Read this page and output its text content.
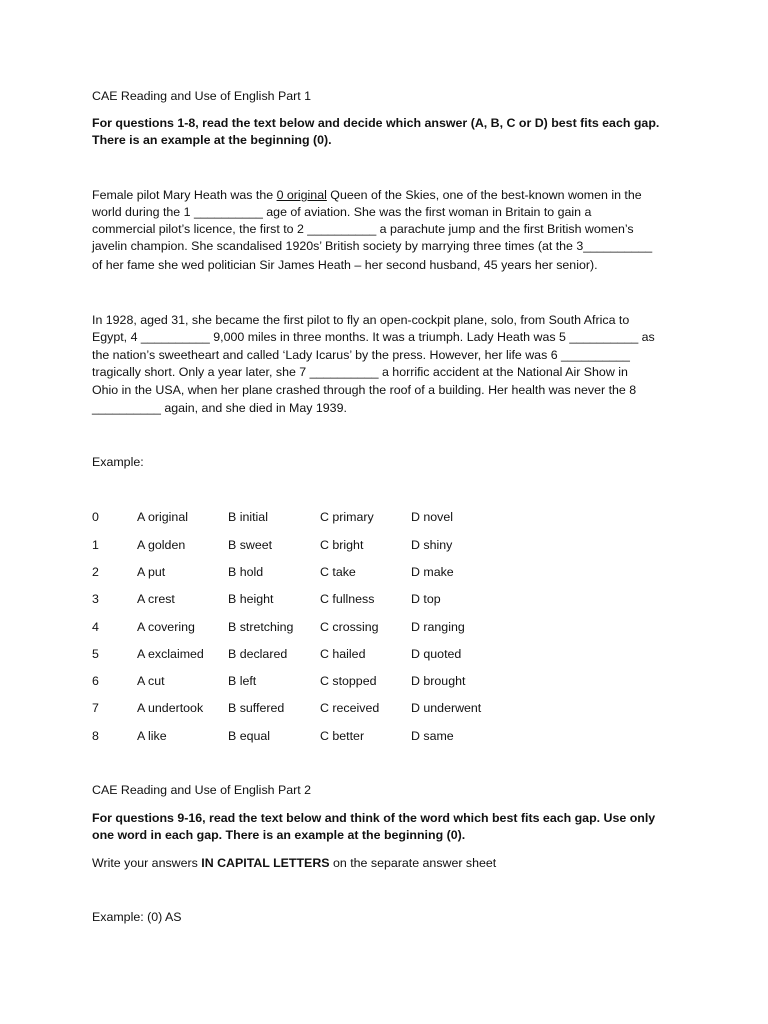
CAE Reading and Use of English Part 1
For questions 1-8, read the text below and decide which answer (A, B, C or D) best fits each gap.
There is an example at the beginning (0).
Female pilot Mary Heath was the 0 original Queen of the Skies, one of the best-known women in the
world during the 1 __________ age of aviation. She was the first woman in Britain to gain a
commercial pilot’s licence, the first to 2 __________ a parachute jump and the first British women’s
javelin champion. She scandalised 1920s’ British society by marrying three times (at the 3__________
of her fame she wed politician Sir James Heath – her second husband, 45 years her senior).
In 1928, aged 31, she became the first pilot to fly an open-cockpit plane, solo, from South Africa to
Egypt, 4 __________ 9,000 miles in three months. It was a triumph. Lady Heath was 5 __________ as
the nation’s sweetheart and called ‘Lady Icarus’ by the press. However, her life was 6 __________
tragically short. Only a year later, she 7 __________ a horrific accident at the National Air Show in
Ohio in the USA, when her plane crashed through the roof of a building. Her health was never the 8
__________ again, and she died in May 1939.
Example:
0	A original	B initial	C primary	D novel
1	A golden	B sweet	C bright	D shiny
2	A put	B hold	C take	D make
3	A crest	B height	C fullness	D top
4	A covering	B stretching C crossing	D ranging
5	A exclaimed B declared	C hailed	D quoted
6	A cut	B left	C stopped	D brought
7	A undertook B suffered	C received	D underwent
8	A like	B equal	C better	D same
CAE Reading and Use of English Part 2
For questions 9-16, read the text below and think of the word which best fits each gap. Use only
one word in each gap. There is an example at the beginning (0).
Write your answers IN CAPITAL LETTERS on the separate answer sheet
Example: (0) AS
